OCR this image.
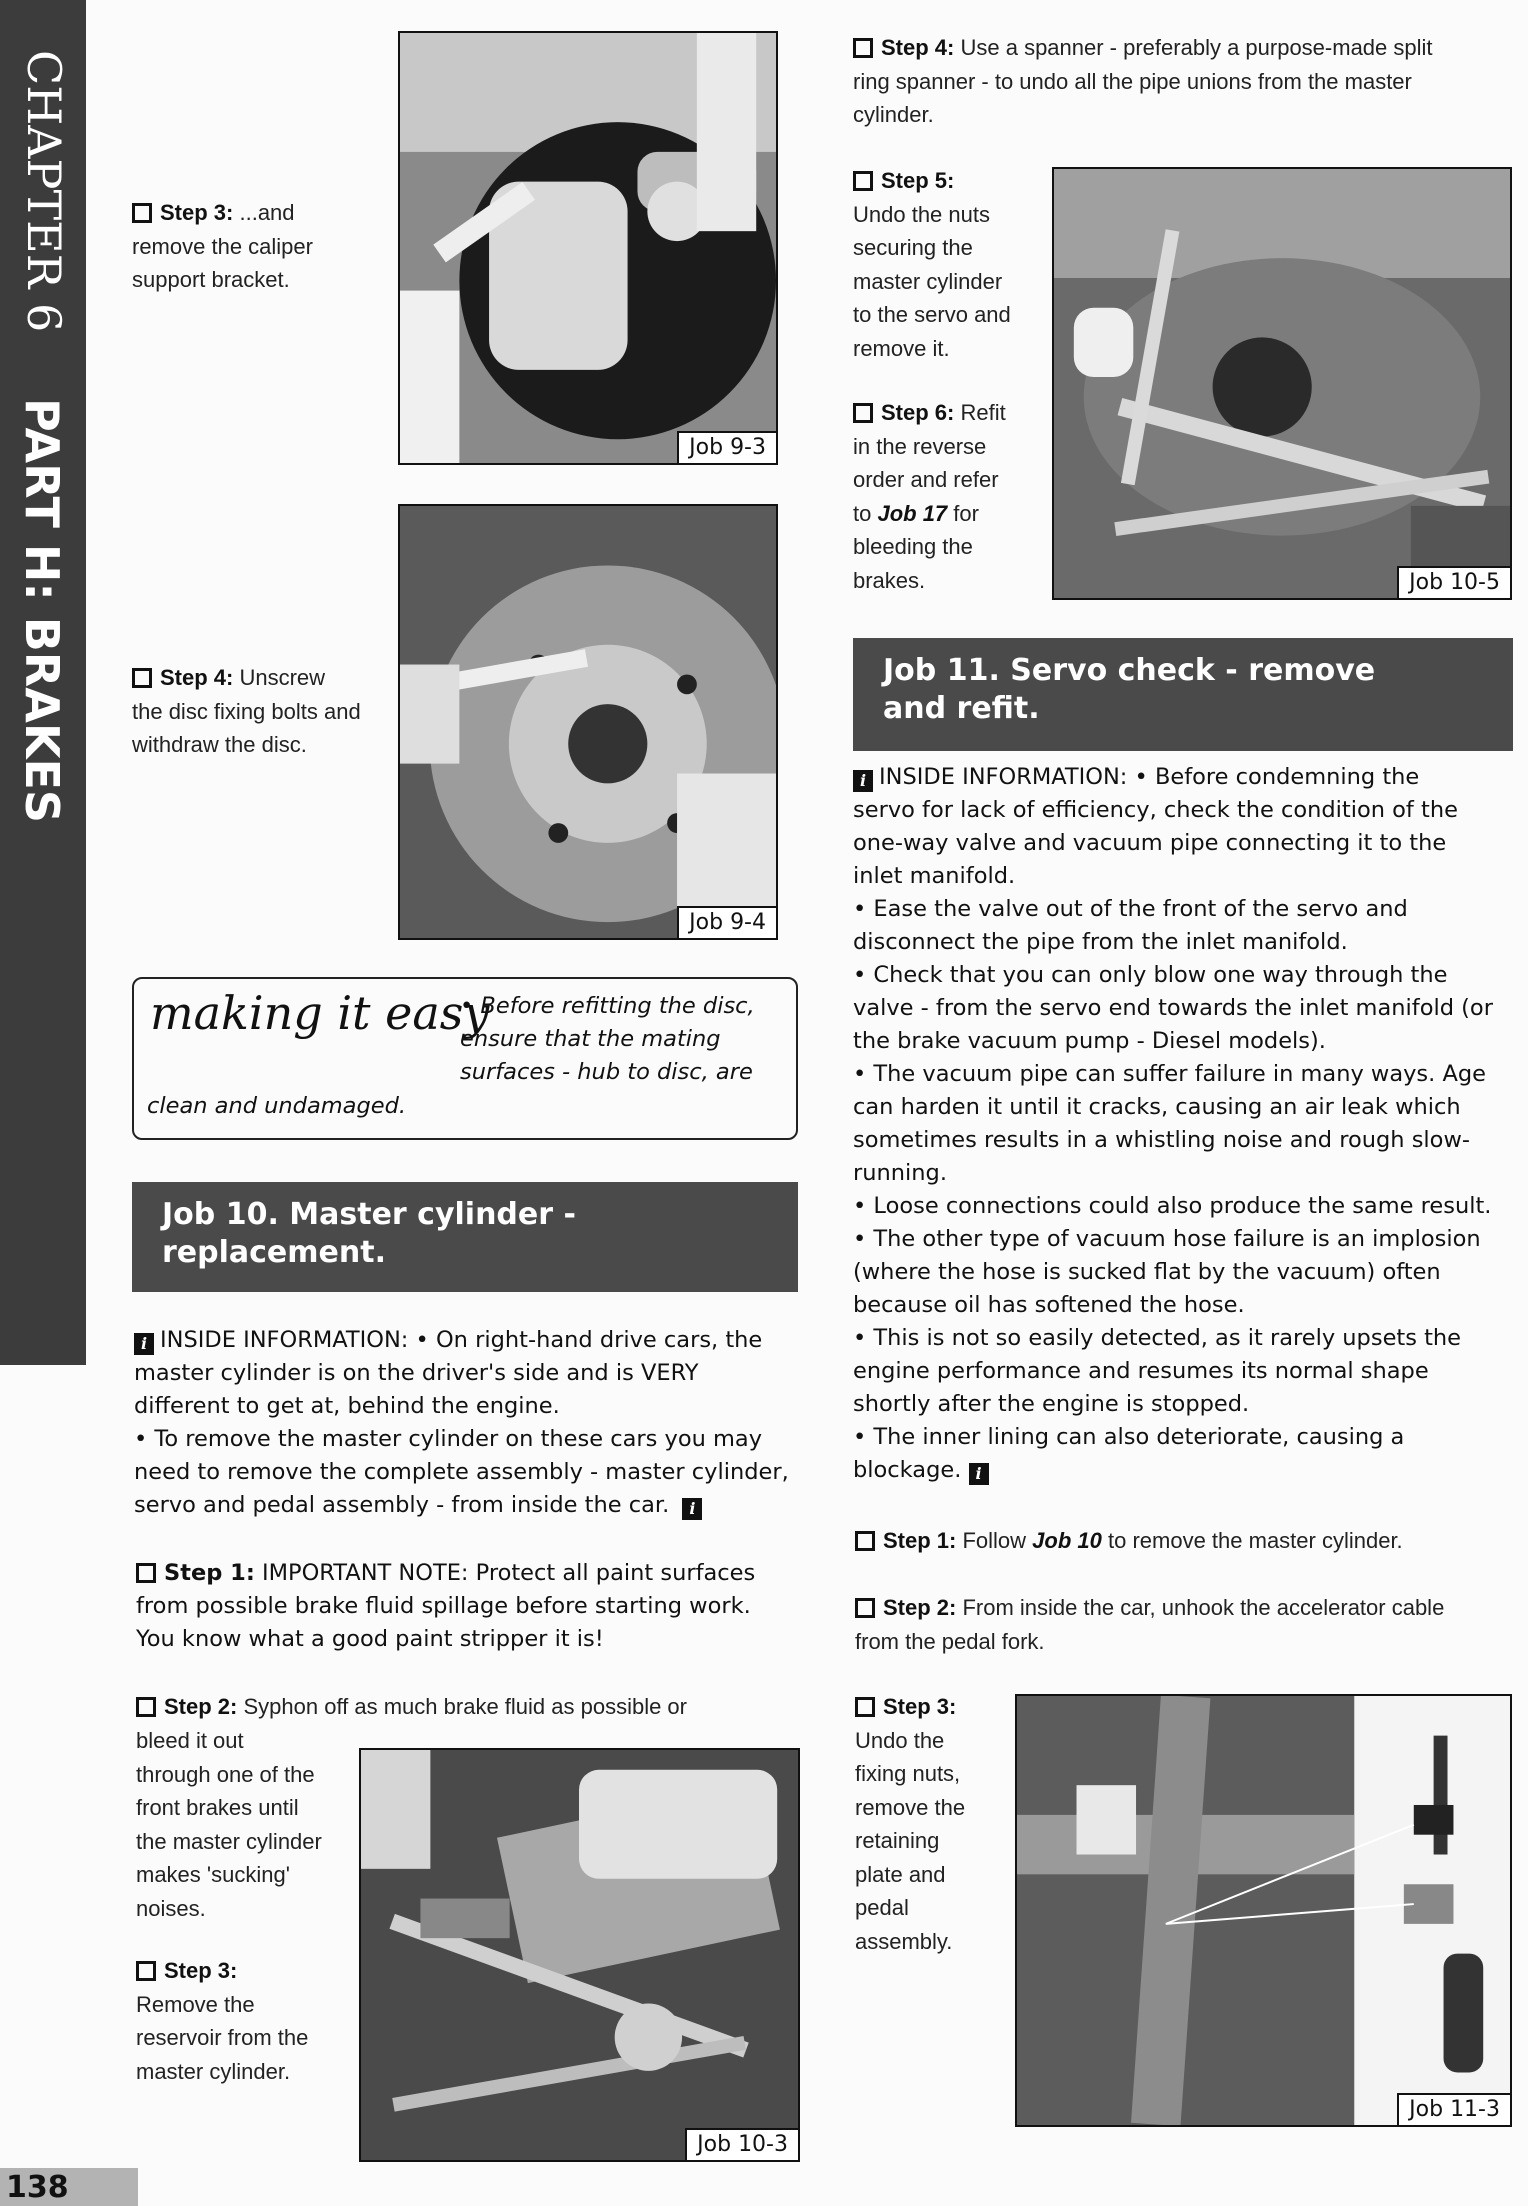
CHAPTER 6
PART H: BRAKES
138
Step 3: ...and
remove the caliper
support bracket.
Job 9-3
Step 4: Unscrew
the disc fixing bolts and
withdraw the disc.
Job 9-4
making it easy
• Before refitting the disc,
ensure that the mating
surfaces - hub to disc, are
clean and undamaged.
Job 10. Master cylinder -
replacement.
i INSIDE INFORMATION: • On right-hand drive cars, the
master cylinder is on the driver's side and is VERY
different to get at, behind the engine.
• To remove the master cylinder on these cars you may
need to remove the complete assembly - master cylinder,
servo and pedal assembly - from inside the car. i
Step 1: IMPORTANT NOTE: Protect all paint surfaces
from possible brake fluid spillage before starting work.
You know what a good paint stripper it is!
Step 2: Syphon off as much brake fluid as possible or
bleed it out
through one of the
front brakes until
the master cylinder
makes 'sucking'
noises.
Step 3:
Remove the
reservoir from the
master cylinder.
Job 10-3
Step 4: Use a spanner - preferably a purpose-made split
ring spanner - to undo all the pipe unions from the master
cylinder.
Step 5:
Undo the nuts
securing the
master cylinder
to the servo and
remove it.
Step 6: Refit
in the reverse
order and refer
to Job 17 for
bleeding the
brakes.	Job 10-5
Job 11. Servo check - remove
and refit.
i INSIDE INFORMATION: • Before condemning the
servo for lack of efficiency, check the condition of the
one-way valve and vacuum pipe connecting it to the
inlet manifold.
• Ease the valve out of the front of the servo and
disconnect the pipe from the inlet manifold.
• Check that you can only blow one way through the
valve - from the servo end towards the inlet manifold (or
the brake vacuum pump - Diesel models).
• The vacuum pipe can suffer failure in many ways. Age
can harden it until it cracks, causing an air leak which
sometimes results in a whistling noise and rough slow-
running.
• Loose connections could also produce the same result.
• The other type of vacuum hose failure is an implosion
(where the hose is sucked flat by the vacuum) often
because oil has softened the hose.
• This is not so easily detected, as it rarely upsets the
engine performance and resumes its normal shape
shortly after the engine is stopped.
• The inner lining can also deteriorate, causing a
blockage. i
Step 1: Follow Job 10 to remove the master cylinder.
Step 2: From inside the car, unhook the accelerator cable
from the pedal fork.
Step 3:
Undo the
fixing nuts,
remove the
retaining
plate and
pedal
assembly.
Job 11-3
